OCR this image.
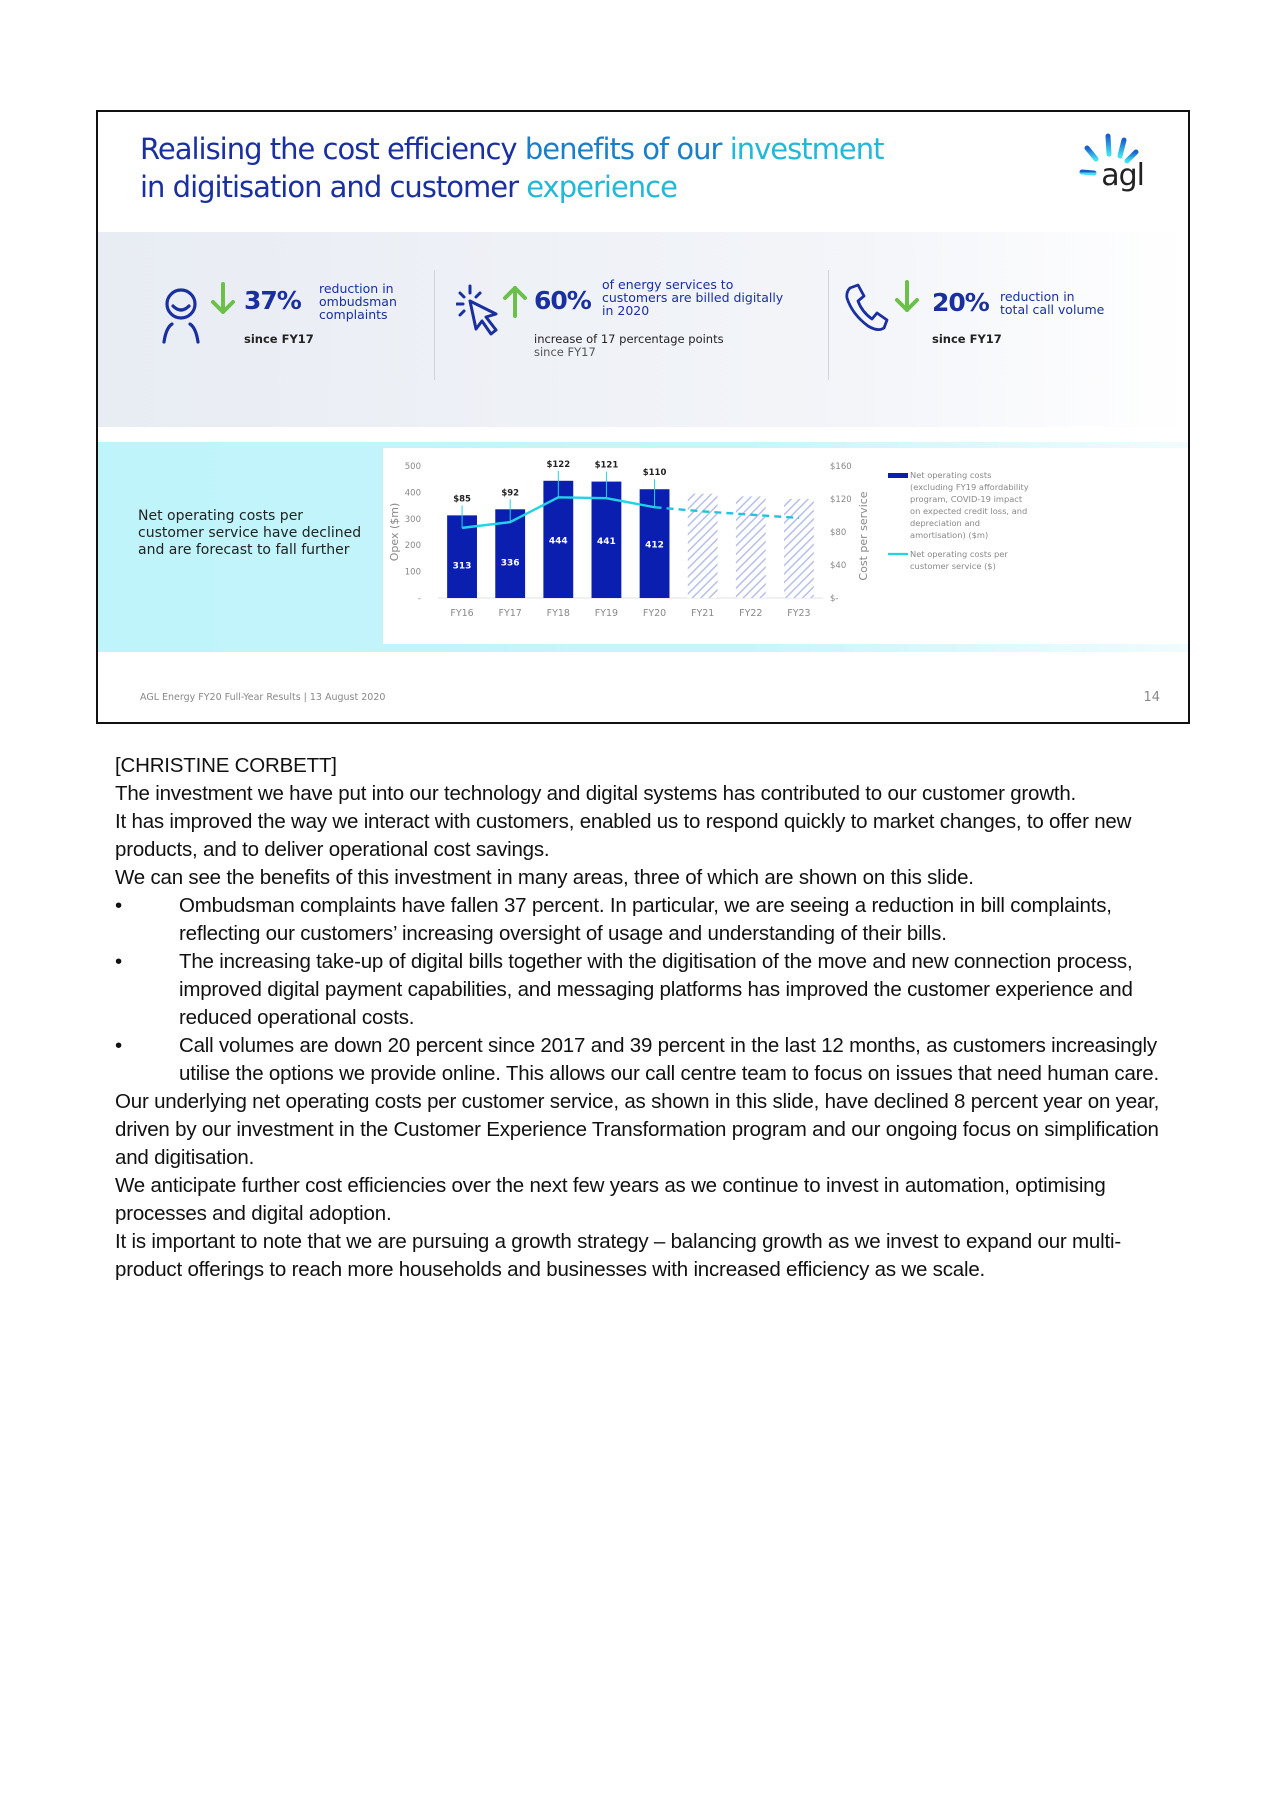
Realising the cost efficiency benefits of our investment
in digitisation and customer experience	agl
37% reduction in
ombudsman
complaints
since FY17
60%
of energy services to
customers are billed digitally
in 2020
increase of 17 percentage points
since FY17
20% reduction in
total call volume
since FY17
Net operating costs per customer service have declined and are forecast to fall further
-
100
200
300
400
500
Opex ($m)
$-
$40
$80
$120
$160
Cost per service
FY16
313
FY17
336
FY18
444
FY19
441
FY20
412
FY21	FY22	FY23
$85
$92
$122	$121
$110	Net operating costs
(excluding FY19 affordability
program, COVID-19 impact
on expected credit loss, and
depreciation and
amortisation) ($m)
Net operating costs per
customer service ($)
AGL Energy FY20 Full-Year Results | 13 August 2020	14

[CHRISTINE CORBETT]

The investment we have put into our technology and digital systems has contributed to our customer growth.

It has improved the way we interact with customers, enabled us to respond quickly to market changes, to offer new products, and to deliver operational cost savings.

We can see the benefits of this investment in many areas, three of which are shown on this slide.

•	Ombudsman complaints have fallen 37 percent. In particular, we are seeing a reduction in bill complaints, reflecting our customers’ increasing oversight of usage and understanding of their bills.

•	The increasing take-up of digital bills together with the digitisation of the move and new connection process, improved digital payment capabilities, and messaging platforms has improved the customer experience and reduced operational costs.

•	Call volumes are down 20 percent since 2017 and 39 percent in the last 12 months, as customers increasingly utilise the options we provide online. This allows our call centre team to focus on issues that need human care.

Our underlying net operating costs per customer service, as shown in this slide, have declined 8 percent year on year, driven by our investment in the Customer Experience Transformation program and our ongoing focus on simplification and digitisation.

We anticipate further cost efficiencies over the next few years as we continue to invest in automation, optimising processes and digital adoption.

It is important to note that we are pursuing a growth strategy – balancing growth as we invest to expand our multi-product offerings to reach more households and businesses with increased efficiency as we scale.
